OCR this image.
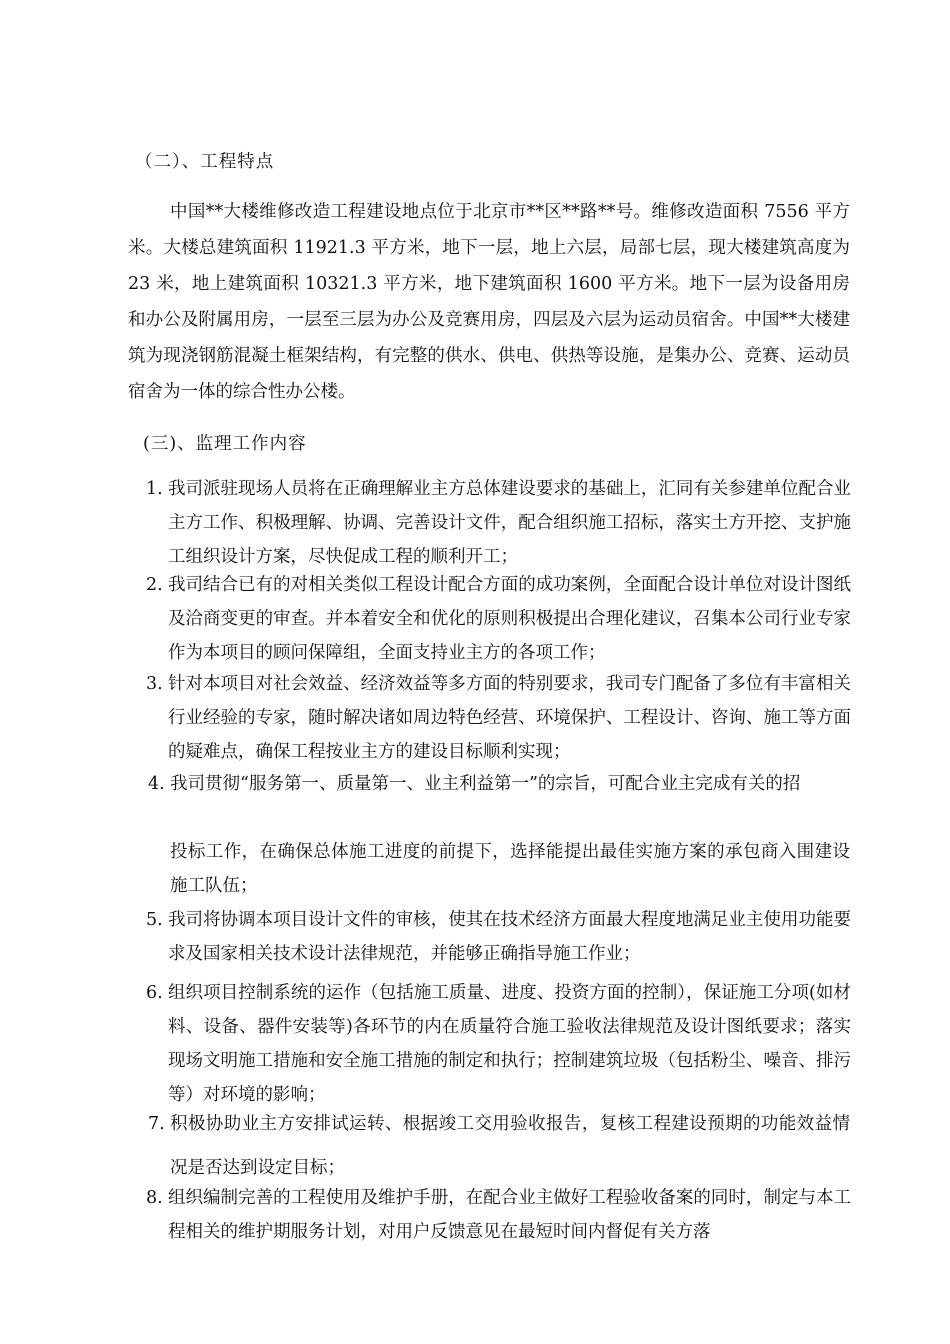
（二）、工程特点
中国**大楼维修改造工程建设地点位于北京市**区**路**号。维修改造面积 7556 平方米。大楼总建筑面积 11921.3 平方米，地下一层，地上六层，局部七层，现大楼建筑高度为 23 米，地上建筑面积 10321.3 平方米，地下建筑面积 1600 平方米。地下一层为设备用房和办公及附属用房，一层至三层为办公及竞赛用房，四层及六层为运动员宿舍。中国**大楼建筑为现浇钢筋混凝土框架结构，有完整的供水、供电、供热等设施，是集办公、竞赛、运动员宿舍为一体的综合性办公楼。
(三)、监理工作内容
1. 我司派驻现场人员将在正确理解业主方总体建设要求的基础上，汇同有关参建单位配合业主方工作、积极理解、协调、完善设计文件，配合组织施工招标，落实土方开挖、支护施工组织设计方案，尽快促成工程的顺利开工；
2. 我司结合已有的对相关类似工程设计配合方面的成功案例，全面配合设计单位对设计图纸及洽商变更的审查。并本着安全和优化的原则积极提出合理化建议，召集本公司行业专家作为本项目的顾问保障组，全面支持业主方的各项工作；
3. 针对本项目对社会效益、经济效益等多方面的特别要求，我司专门配备了多位有丰富相关行业经验的专家，随时解决诸如周边特色经营、环境保护、工程设计、咨询、施工等方面的疑难点，确保工程按业主方的建设目标顺利实现；
4. 我司贯彻“服务第一、质量第一、业主利益第一”的宗旨，可配合业主完成有关的招
投标工作，在确保总体施工进度的前提下，选择能提出最佳实施方案的承包商入围建设施工队伍；
5. 我司将协调本项目设计文件的审核，使其在技术经济方面最大程度地满足业主使用功能要求及国家相关技术设计法律规范，并能够正确指导施工作业；
6. 组织项目控制系统的运作（包括施工质量、进度、投资方面的控制），保证施工分项(如材料、设备、器件安装等)各环节的内在质量符合施工验收法律规范及设计图纸要求；落实现场文明施工措施和安全施工措施的制定和执行；控制建筑垃圾（包括粉尘、噪音、排污等）对环境的影响；
7. 积极协助业主方安排试运转、根据竣工交用验收报告，复核工程建设预期的功能效益情况是否达到设定目标；
8. 组织编制完善的工程使用及维护手册，在配合业主做好工程验收备案的同时，制定与本工程相关的维护期服务计划，对用户反馈意见在最短时间内督促有关方落
